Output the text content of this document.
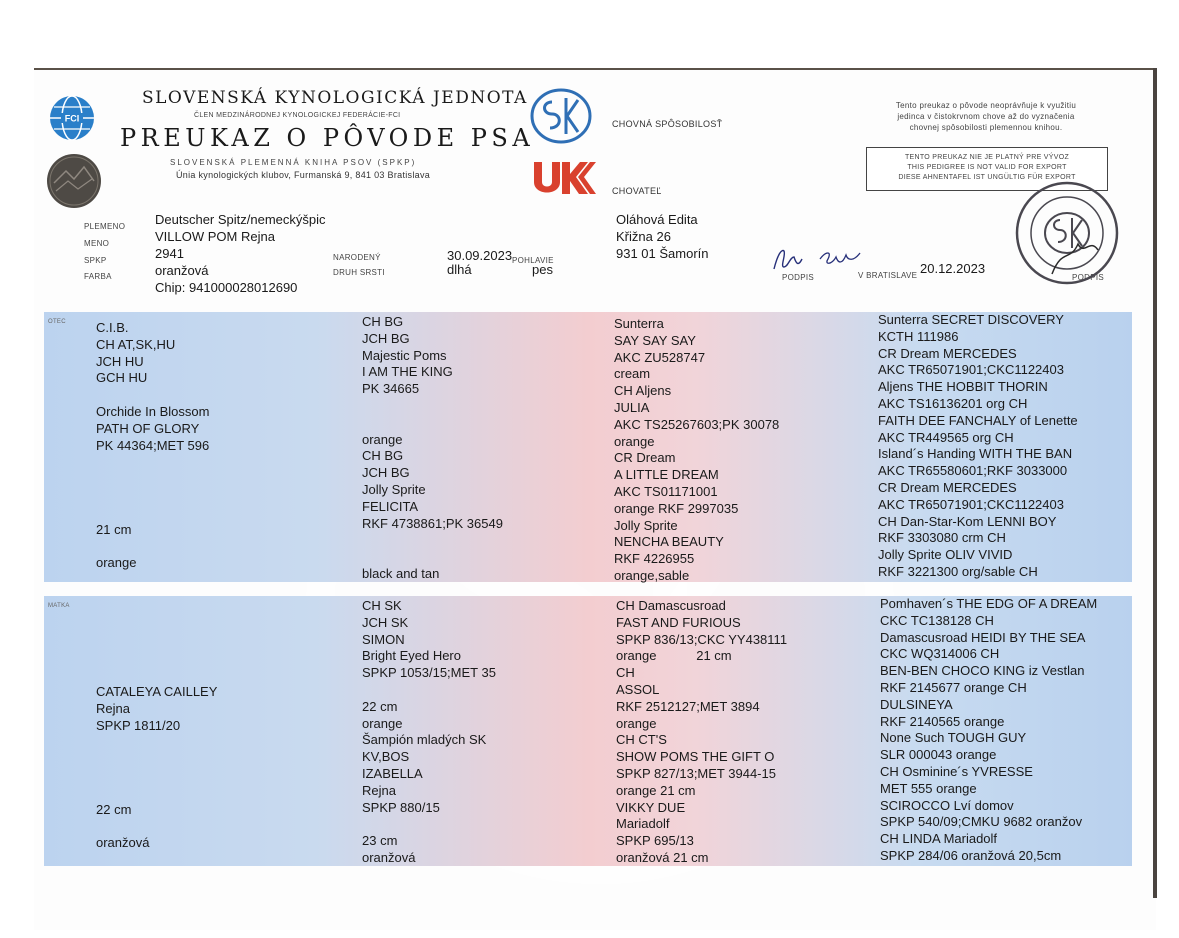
FCI
SLOVENSKÁ KYNOLOGICKÁ JEDNOTA
ČLEN MEDZINÁRODNEJ KYNOLOGICKEJ FEDERÁCIE-FCI
PREUKAZ O PÔVODE PSA
SLOVENSKÁ PLEMENNÁ KNIHA PSOV (SPKP)
Únia kynologických klubov, Furmanská 9, 841 03 Bratislava
CHOVNÁ SPÔSOBILOSŤ
CHOVATEĽ
Tento preukaz o pôvode neoprávňuje k využitiu
jedinca v čistokrvnom chove až do vyznačenia
chovnej spôsobilosti plemennou knihou.
TENTO PREUKAZ NIE JE PLATNÝ PRE VÝVOZ
THIS PEDIGREE IS NOT VALID FOR EXPORT
DIESE AHNENTAFEL IST UNGÜLTIG FÜR EXPORT
PLEMENO
MENO
SPKP
FARBA
Deutscher Spitz/nemeckýšpic
VILLOW POM Rejna
2941
oranžová
Chip: 941000028012690
NARODENÝ
DRUH SRSTI
30.09.2023 POHLAVIE
dlhá	pes
Oláhová Edita
Křižna 26
931 01 Šamorín
PODPIS	V BRATISLAVE 20.12.2023
PODPIS
OTEC C.I.B.
CH AT,SK,HU
JCH HU
GCH HU

Orchide In Blossom
PATH OF GLORY
PK 44364;MET 596

21 cm

orange

CH BG
JCH BG
Majestic Poms
I AM THE KING
PK 34665

orange
CH BG
JCH BG
Jolly Sprite
FELICITA
RKF 4738861;PK 36549

black and tan
Sunterra
SAY SAY SAY
AKC ZU528747
cream
CH Aljens
JULIA
AKC TS25267603;PK 30078
orange
CR Dream
A LITTLE DREAM
AKC TS01171001
orange RKF 2997035
Jolly Sprite
NENCHA BEAUTY
RKF 4226955
orange,sable
Sunterra SECRET DISCOVERY
KCTH 111986
CR Dream MERCEDES
AKC TR65071901;CKC1122403
Aljens THE HOBBIT THORIN
AKC TS16136201 org CH
FAITH DEE FANCHALY of Lenette
AKC TR449565 org CH
Island´s Handing WITH THE BAN
AKC TR65580601;RKF 3033000
CR Dream MERCEDES
AKC TR65071901;CKC1122403
CH Dan-Star-Kom LENNI BOY
RKF 3303080 crm CH
Jolly Sprite OLIV VIVID
RKF 3221300 org/sable CH
MATKA

CATALEYA CAILLEY
Rejna
SPKP 1811/20

22 cm

oranžová

CH SK
JCH SK
SIMON
Bright Eyed Hero
SPKP 1053/15;MET 35

22 cm
orange
Šampión mladých SK
KV,BOS
IZABELLA
Rejna
SPKP 880/15

23 cm
oranžová
CH Damascusroad
FAST AND FURIOUS
SPKP 836/13;CKC YY438111
orange           21 cm
CH
ASSOL
RKF 2512127;MET 3894
orange
CH CT'S
SHOW POMS THE GIFT O
SPKP 827/13;MET 3944-15
orange 21 cm
VIKKY DUE
Mariadolf
SPKP 695/13
oranžová 21 cm
Pomhaven´s THE EDG OF A DREAM
CKC TC138128 CH
Damascusroad HEIDI BY THE SEA
CKC WQ314006 CH
BEN-BEN CHOCO KING iz Vestlan
RKF 2145677 orange CH
DULSINEYA
RKF 2140565 orange
None Such TOUGH GUY
SLR 000043 orange
CH Osminine´s YVRESSE
MET 555 orange
SCIROCCO Lví domov
SPKP 540/09;CMKU 9682 oranžov
CH LINDA Mariadolf
SPKP 284/06 oranžová 20,5cm
